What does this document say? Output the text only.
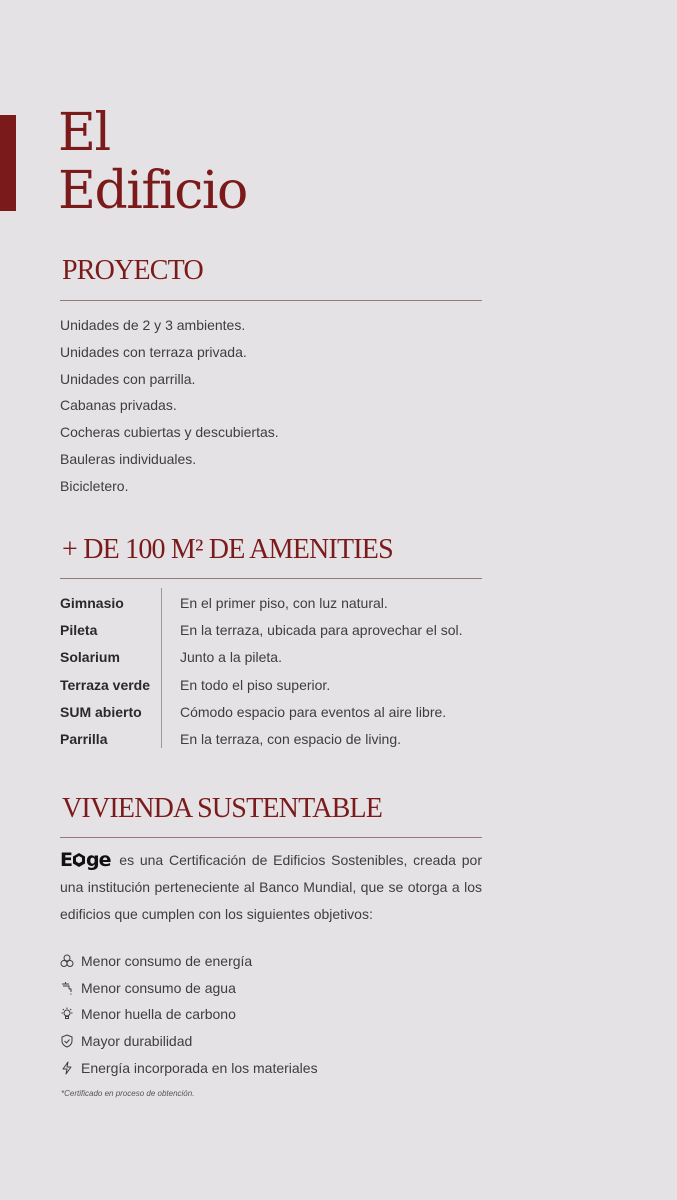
El
Edificio
PROYECTO
Unidades de 2 y 3 ambientes.
Unidades con terraza privada.
Unidades con parrilla.
Cabanas privadas.
Cocheras cubiertas y descubiertas.
Bauleras individuales.
Bicicletero.
+ DE 100 M² DE AMENITIES
Gimnasio	En el primer piso, con luz natural.
Pileta	En la terraza, ubicada para aprovechar el sol.
Solarium	Junto a la pileta.
Terraza verde	En todo el piso superior.
SUM abierto	Cómodo espacio para eventos al aire libre.
Parrilla	En la terraza, con espacio de living.
VIVIENDA SUSTENTABLE

E ge es una Certificación de Edificios Sostenibles, creada por una institución perteneciente al Banco Mundial, que se otorga a los edificios que cumplen con los siguientes objetivos:

Menor consumo de energía
Menor consumo de agua
Menor huella de carbono
Mayor durabilidad
Energía incorporada en los materiales
*Certificado en proceso de obtención.
